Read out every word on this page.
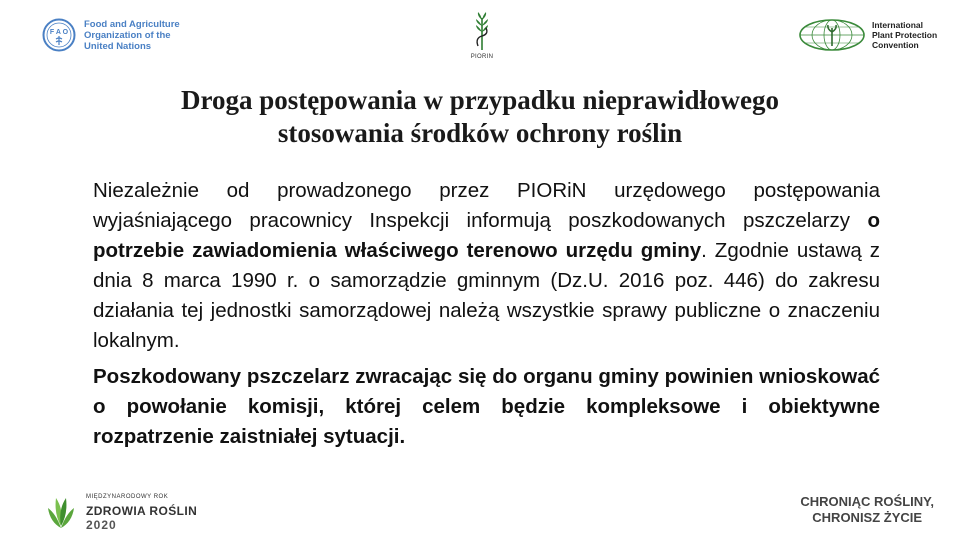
F A O
Food and Agriculture
Organization of the
United Nations
PIORIN
International
Plant Protection
Convention
Droga postępowania w przypadku nieprawidłowego
stosowania środków ochrony roślin

Niezależnie od prowadzonego przez PIORiN urzędowego postępowania wyjaśniającego pracownicy Inspekcji informują poszkodowanych pszczelarzy o potrzebie zawiadomienia właściwego terenowo urzędu gminy. Zgodnie ustawą z dnia 8 marca 1990 r. o samorządzie gminnym (Dz.U. 2016 poz. 446) do zakresu działania tej jednostki samorządowej należą wszystkie sprawy publiczne o znaczeniu lokalnym.

Poszkodowany pszczelarz zwracając się do organu gminy powinien wnioskować o powołanie komisji, której celem będzie kompleksowe i obiektywne rozpatrzenie zaistniałej sytuacji.

MIĘDZYNARODOWY ROK
ZDROWIA ROŚLIN
2020
CHRONIĄC ROŚLINY,
CHRONISZ ŻYCIE
